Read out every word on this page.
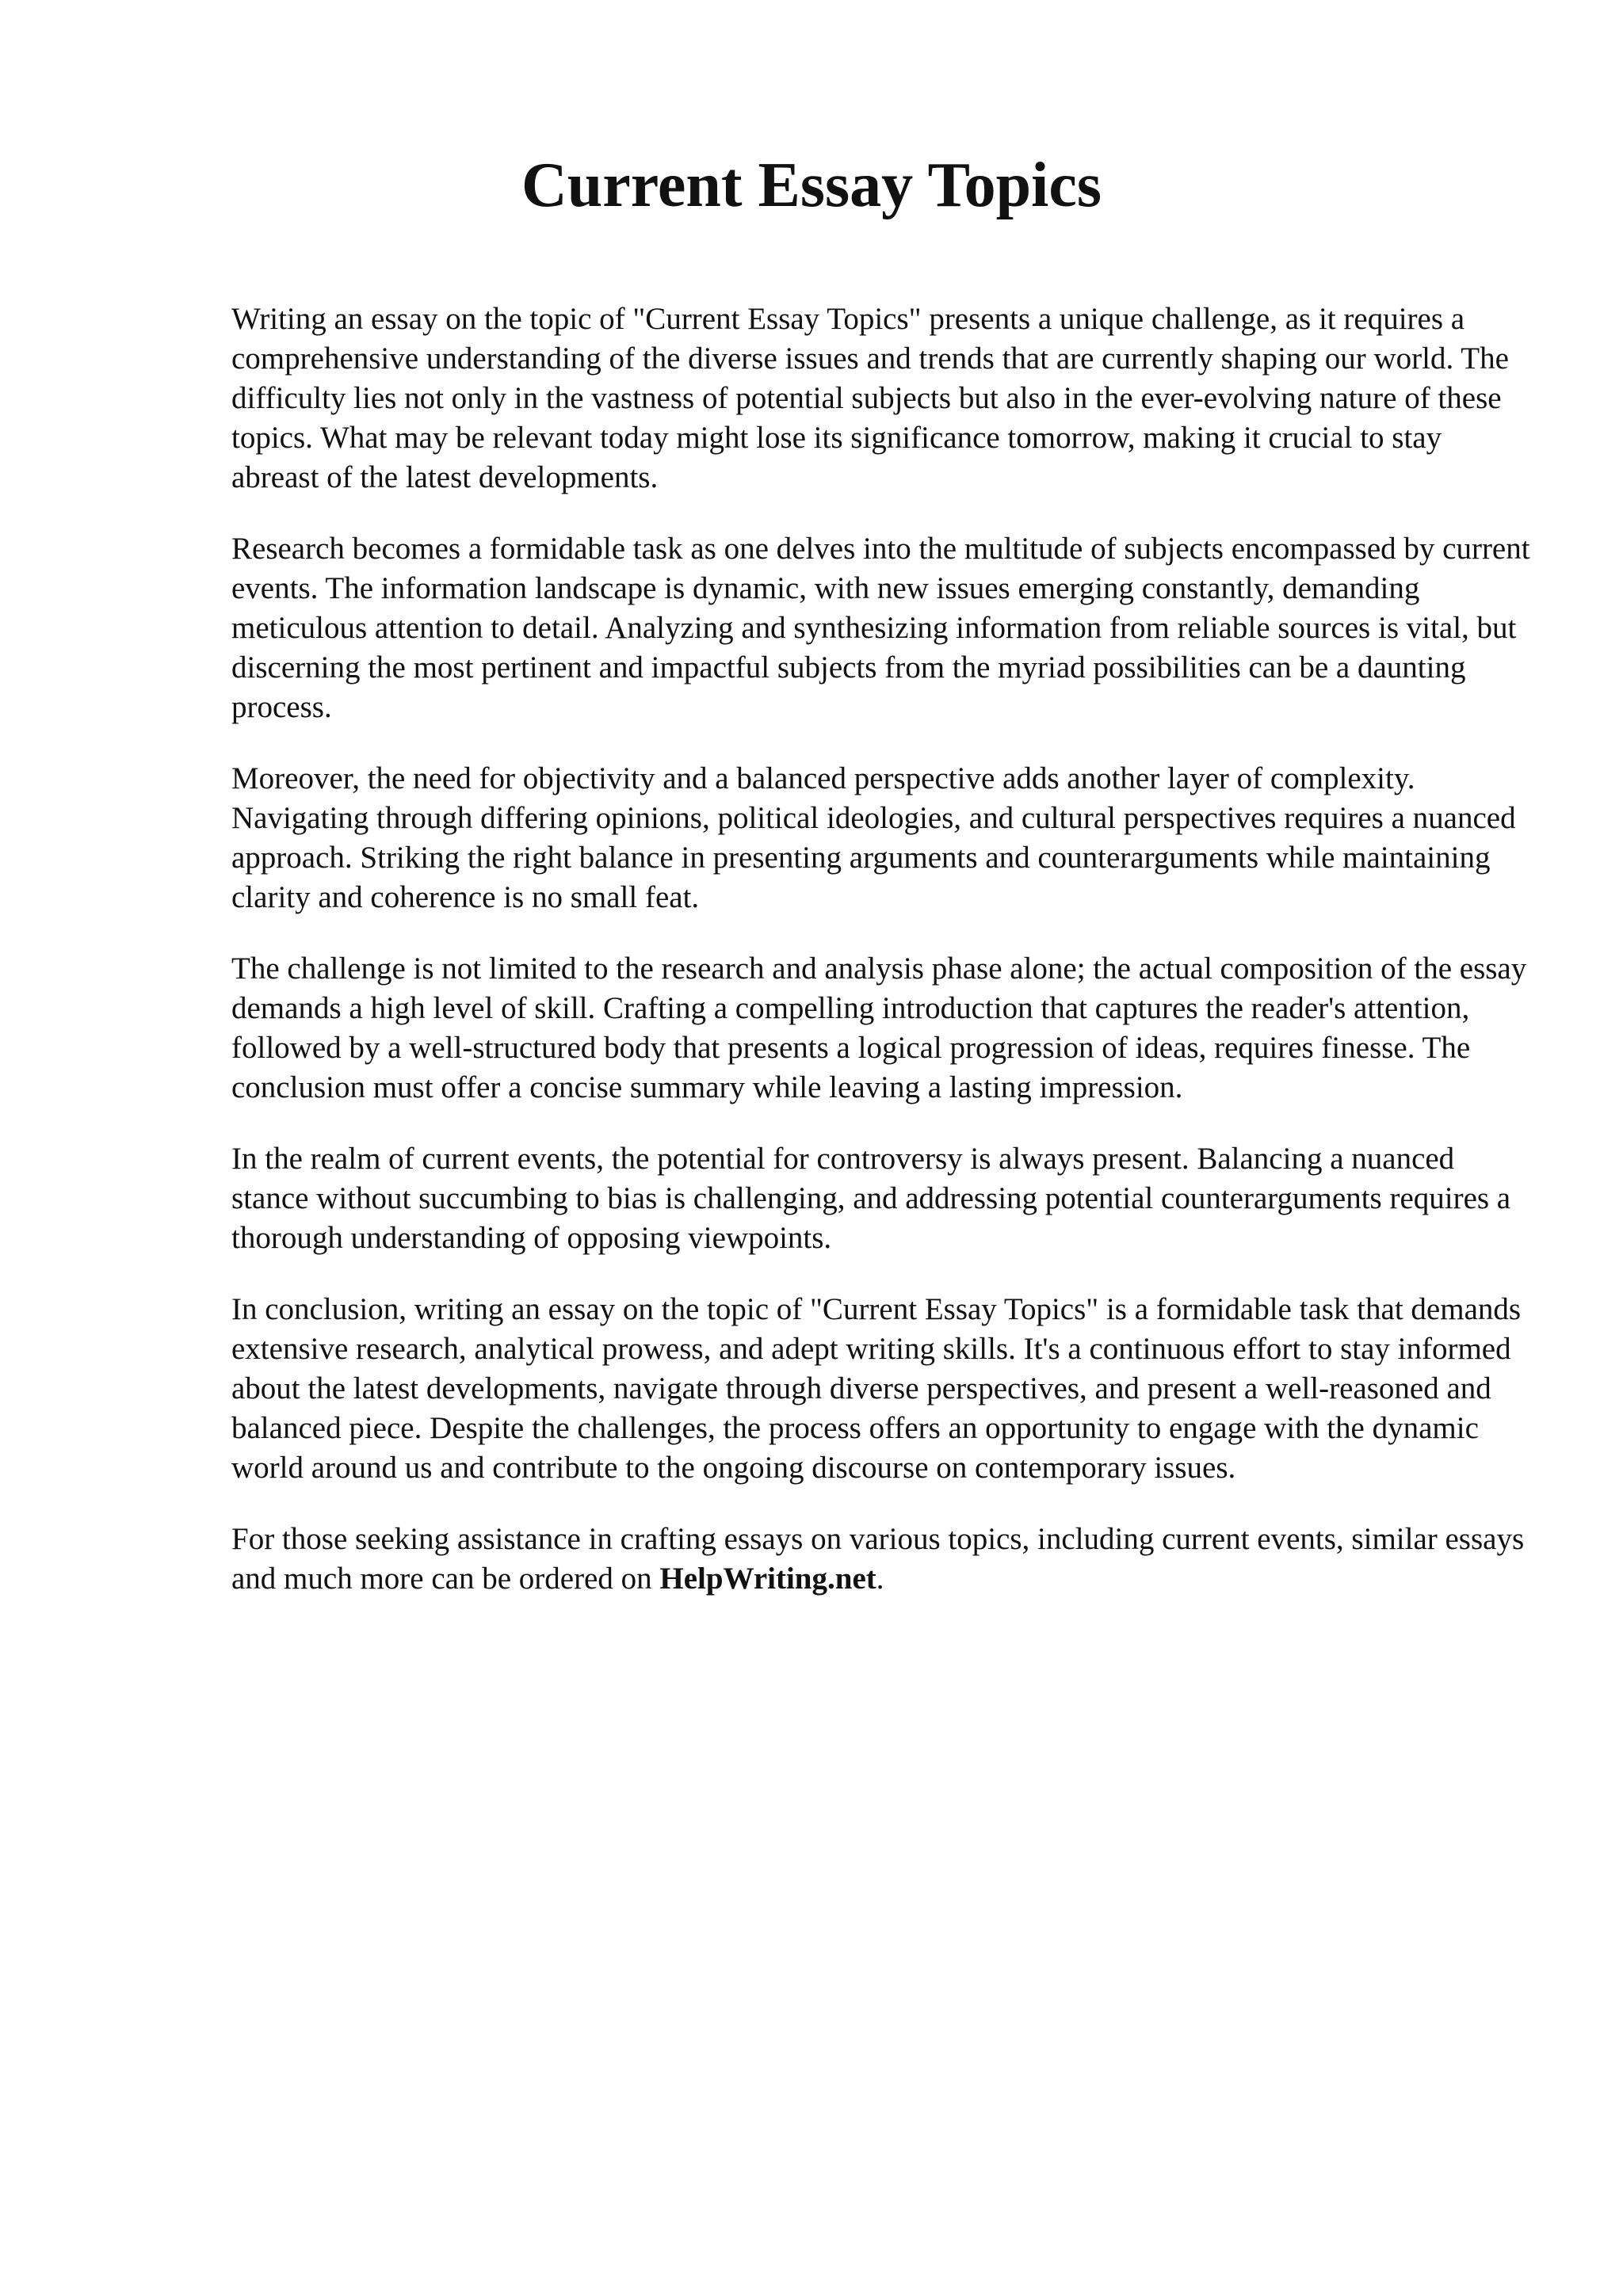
Current Essay Topics

Writing an essay on the topic of "Current Essay Topics" presents a unique challenge, as it requires a comprehensive understanding of the diverse issues and trends that are currently shaping our world. The difficulty lies not only in the vastness of potential subjects but also in the ever-evolving nature of these topics. What may be relevant today might lose its significance tomorrow, making it crucial to stay abreast of the latest developments.

Research becomes a formidable task as one delves into the multitude of subjects encompassed by current events. The information landscape is dynamic, with new issues emerging constantly, demanding meticulous attention to detail. Analyzing and synthesizing information from reliable sources is vital, but discerning the most pertinent and impactful subjects from the myriad possibilities can be a daunting process.

Moreover, the need for objectivity and a balanced perspective adds another layer of complexity. Navigating through differing opinions, political ideologies, and cultural perspectives requires a nuanced approach. Striking the right balance in presenting arguments and counterarguments while maintaining clarity and coherence is no small feat.

The challenge is not limited to the research and analysis phase alone; the actual composition of the essay demands a high level of skill. Crafting a compelling introduction that captures the reader's attention, followed by a well-structured body that presents a logical progression of ideas, requires finesse. The conclusion must offer a concise summary while leaving a lasting impression.

In the realm of current events, the potential for controversy is always present. Balancing a nuanced stance without succumbing to bias is challenging, and addressing potential counterarguments requires a thorough understanding of opposing viewpoints.

In conclusion, writing an essay on the topic of "Current Essay Topics" is a formidable task that demands extensive research, analytical prowess, and adept writing skills. It's a continuous effort to stay informed about the latest developments, navigate through diverse perspectives, and present a well-reasoned and balanced piece. Despite the challenges, the process offers an opportunity to engage with the dynamic world around us and contribute to the ongoing discourse on contemporary issues.

For those seeking assistance in crafting essays on various topics, including current events, similar essays and much more can be ordered on HelpWriting.net.
